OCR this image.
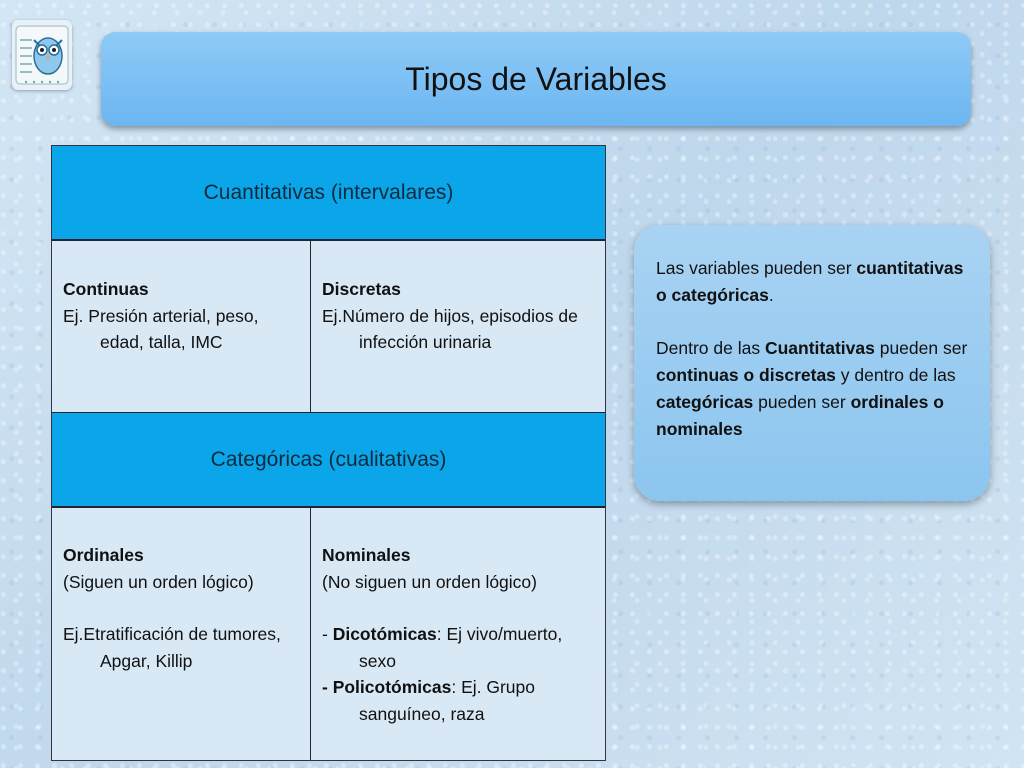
Tipos de Variables
Cuantitativas (intervalares)

Continuas

Ej. Presión arterial, peso, edad, talla, IMC

Discretas

Ej.Número de hijos, episodios de infección urinaria

Categóricas (cualitativas)

Ordinales

(Siguen un orden lógico)

Ej.Etratificación de tumores, Apgar, Killip

Nominales

(No siguen un orden lógico)

- Dicotómicas: Ej vivo/muerto, sexo

- Policotómicas: Ej. Grupo sanguíneo, raza

Las variables pueden ser cuantitativas o categóricas.

Dentro de las Cuantitativas pueden ser continuas o discretas y dentro de las categóricas pueden ser ordinales o nominales
